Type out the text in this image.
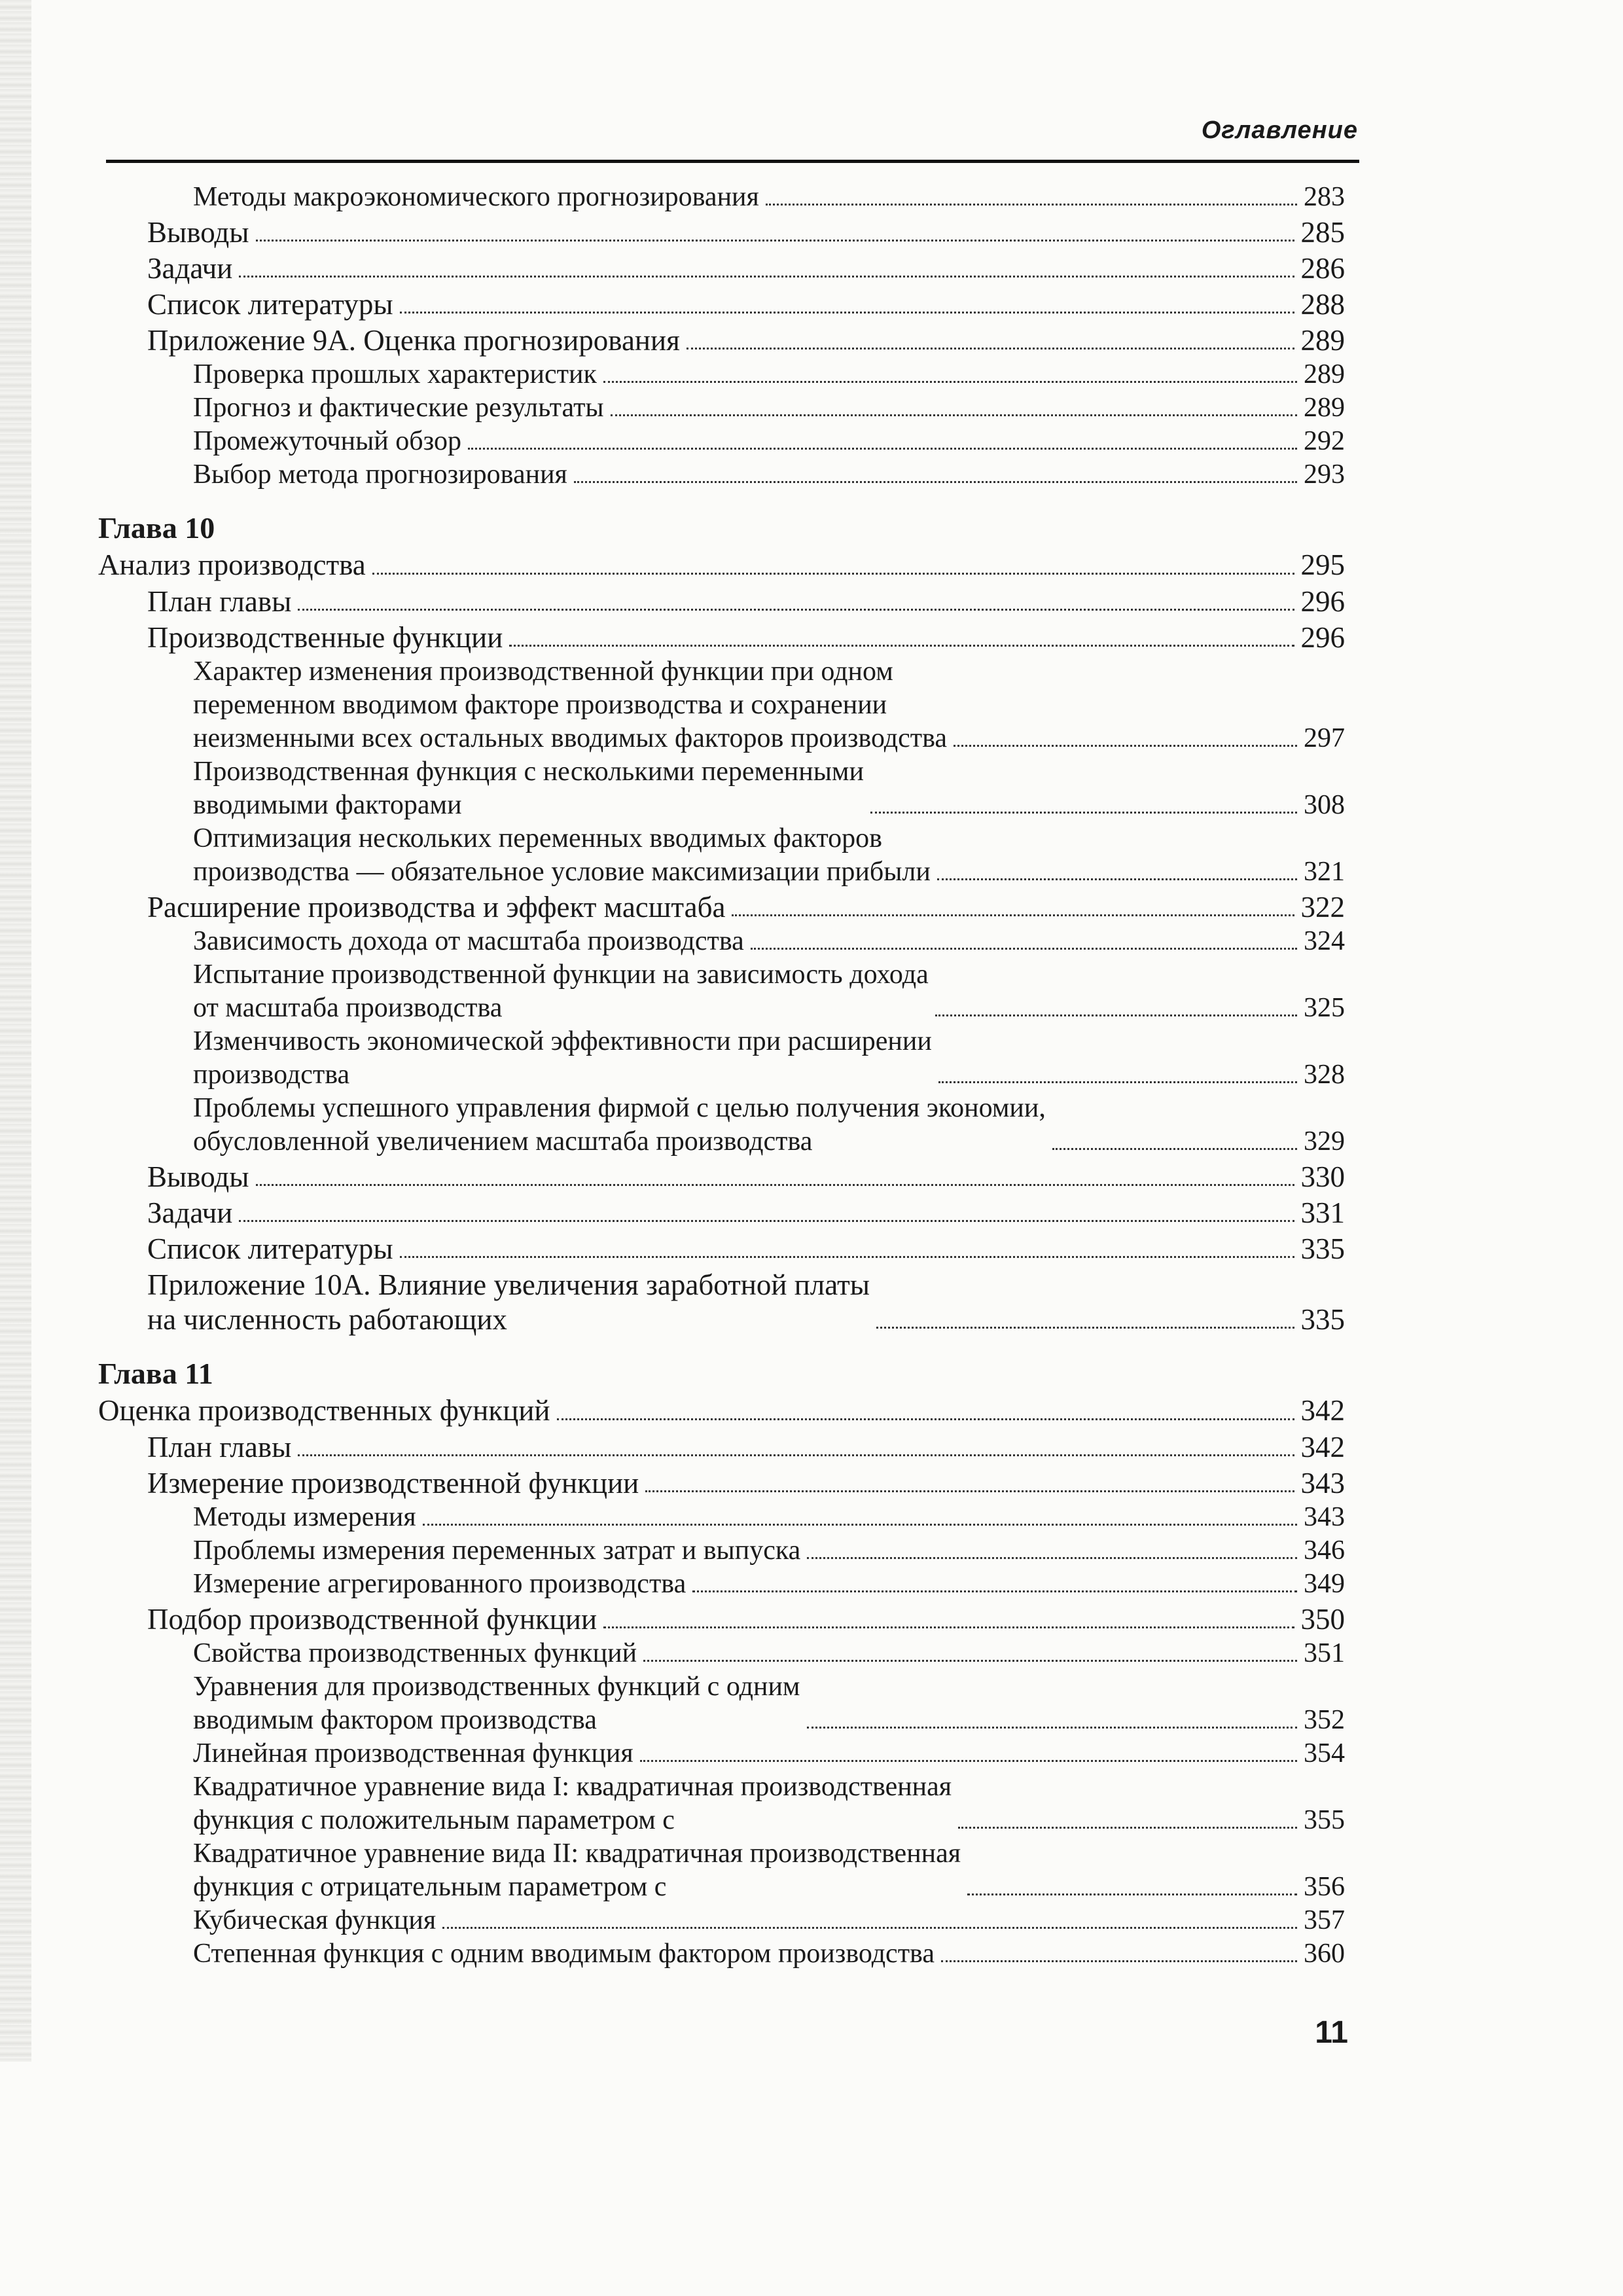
Оглавление
Методы макроэкономического прогнозирования	283
Выводы	285
Задачи	286
Список литературы	288
Приложение 9А. Оценка прогнозирования	289
Проверка прошлых характеристик	289
Прогноз и фактические результаты	289
Промежуточный обзор	292
Выбор метода прогнозирования	293
Глава 10
Анализ производства	295
План главы	296
Производственные функции	296
Характер изменения производственной функции при одном
переменном вводимом факторе производства и сохранении
неизменными всех остальных вводимых факторов производства	297
Производственная функция с несколькими переменными
вводимыми факторами	308
Оптимизация нескольких переменных вводимых факторов
производства — обязательное условие максимизации прибыли	321
Расширение производства и эффект масштаба	322
Зависимость дохода от масштаба производства	324
Испытание производственной функции на зависимость дохода
от масштаба производства	325
Изменчивость экономической эффективности при расширении
производства	328
Проблемы успешного управления фирмой с целью получения экономии,
обусловленной увеличением масштаба производства	329
Выводы	330
Задачи	331
Список литературы	335
Приложение 10А. Влияние увеличения заработной платы
на численность работающих	335
Глава 11
Оценка производственных функций	342
План главы	342
Измерение производственной функции	343
Методы измерения	343
Проблемы измерения переменных затрат и выпуска	346
Измерение агрегированного производства	349
Подбор производственной функции	350
Свойства производственных функций	351
Уравнения для производственных функций с одним
вводимым фактором производства	352
Линейная производственная функция	354
Квадратичное уравнение вида I: квадратичная производственная
функция с положительным параметром c	355
Квадратичное уравнение вида II: квадратичная производственная
функция с отрицательным параметром c	356
Кубическая функция	357
Степенная функция с одним вводимым фактором производства	360
11
